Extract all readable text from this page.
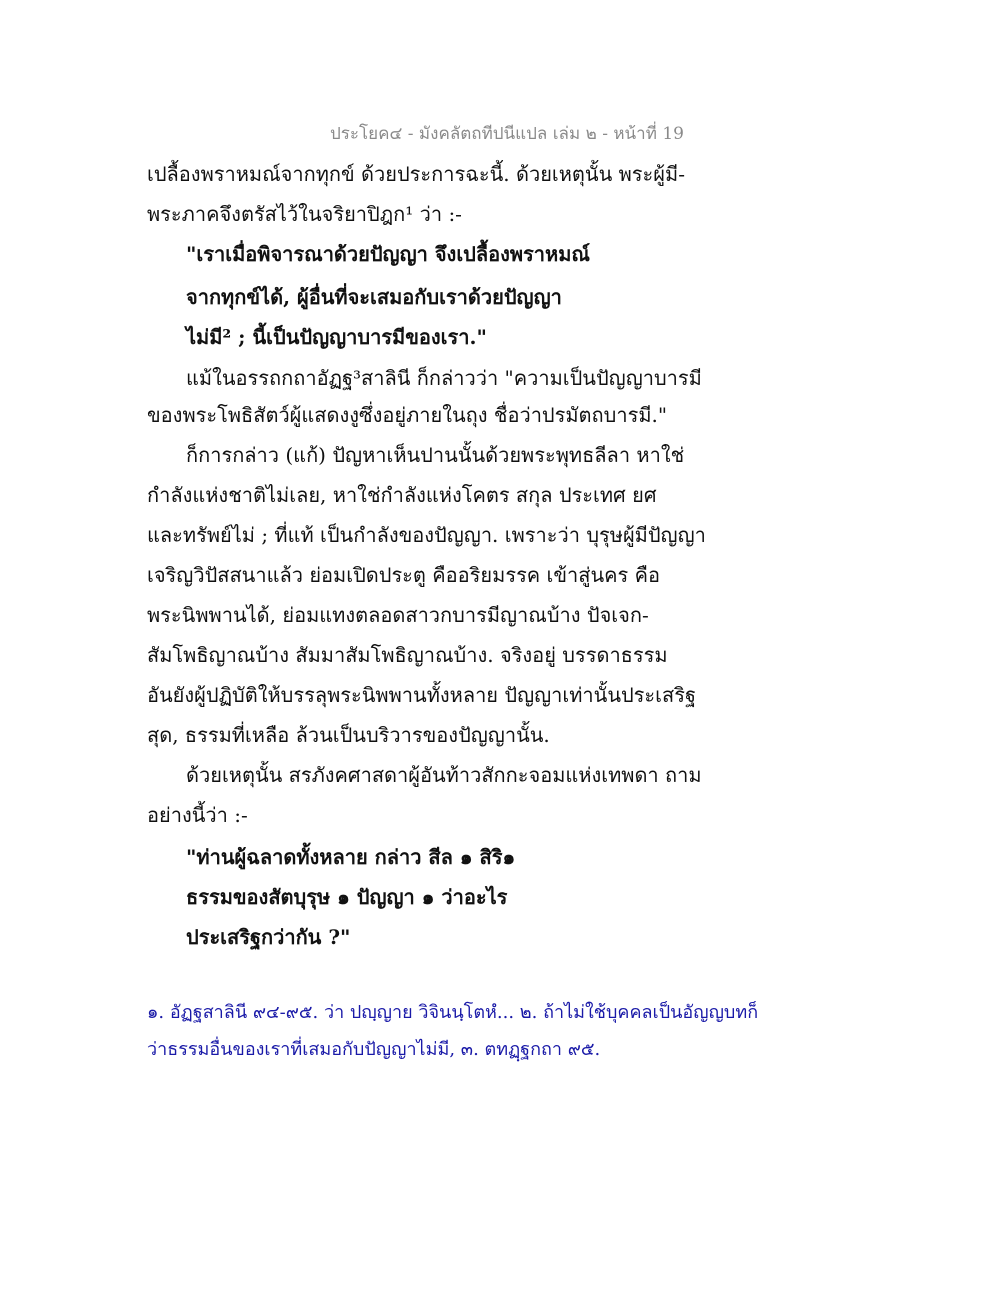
ประโยค๔ - มังคลัตถทีปนีแปล เล่ม ๒ - หน้าที่ 19
เปลื้องพราหมณ์จากทุกข์ ด้วยประการฉะนี้. ด้วยเหตุนั้น พระผู้มี-
พระภาคจึงตรัสไว้ในจริยาปิฎก¹ ว่า :-
"เราเมื่อพิจารณาด้วยปัญญา จึงเปลื้องพราหมณ์
จากทุกข์ได้, ผู้อื่นที่จะเสมอกับเราด้วยปัญญา
ไม่มี² ; นี้เป็นปัญญาบารมีของเรา."
แม้ในอรรถกถาอัฏฐ³สาลินี ก็กล่าวว่า "ความเป็นปัญญาบารมี
ของพระโพธิสัตว์ผู้แสดงงูซึ่งอยู่ภายในถุง ชื่อว่าปรมัตถบารมี."
ก็การกล่าว (แก้) ปัญหาเห็นปานนั้นด้วยพระพุทธลีลา หาใช่
กำลังแห่งชาติไม่เลย, หาใช่กำลังแห่งโคตร สกุล ประเทศ ยศ
และทรัพย์ไม่ ; ที่แท้ เป็นกำลังของปัญญา. เพราะว่า บุรุษผู้มีปัญญา
เจริญวิปัสสนาแล้ว ย่อมเปิดประตู คืออริยมรรค เข้าสู่นคร คือ
พระนิพพานได้, ย่อมแทงตลอดสาวกบารมีญาณบ้าง ปัจเจก-
สัมโพธิญาณบ้าง สัมมาสัมโพธิญาณบ้าง. จริงอยู่ บรรดาธรรม
อันยังผู้ปฏิบัติให้บรรลุพระนิพพานทั้งหลาย ปัญญาเท่านั้นประเสริฐ
สุด, ธรรมที่เหลือ ล้วนเป็นบริวารของปัญญานั้น.
ด้วยเหตุนั้น สรภังคศาสดาผู้อันท้าวสักกะจอมแห่งเทพดา ถาม
อย่างนี้ว่า :-
"ท่านผู้ฉลาดทั้งหลาย กล่าว สีล ๑ สิริ๑
ธรรมของสัตบุรุษ ๑ ปัญญา ๑ ว่าอะไร
ประเสริฐกว่ากัน ?"
๑. อัฏฐสาลินี ๙๔-๙๕. ว่า ปญฺญาย วิจินนฺโตหํ... ๒. ถ้าไม่ใช้บุคคลเป็นอัญญบทก็
ว่าธรรมอื่นของเราที่เสมอกับปัญญาไม่มี, ๓. ตทฏฺฐกถา ๙๕.
